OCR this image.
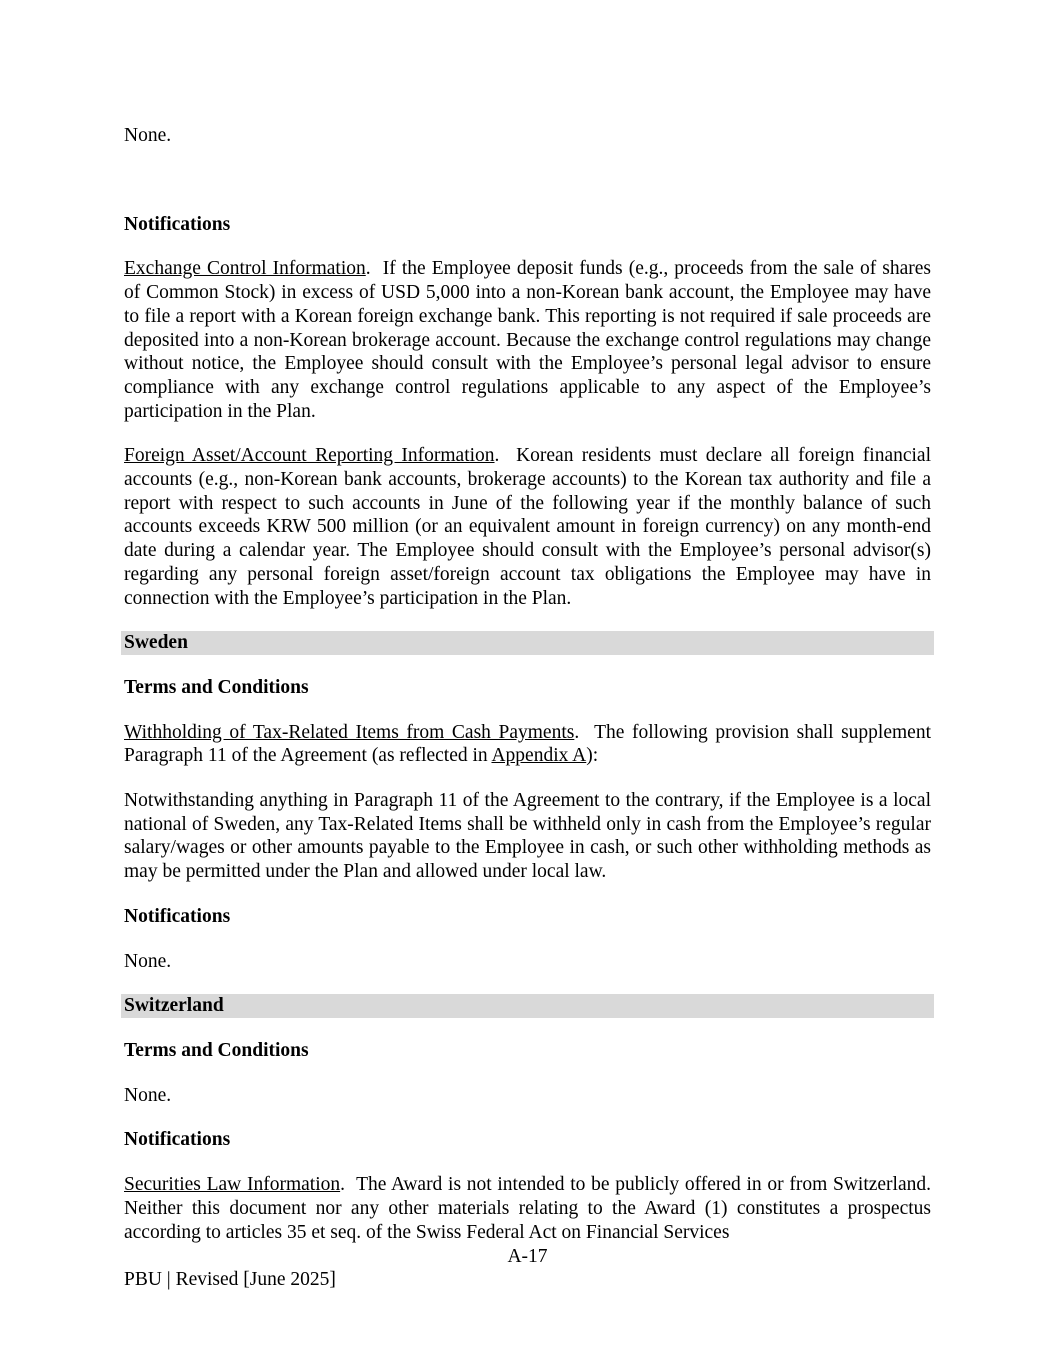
None.

Notifications

Exchange Control Information. If the Employee deposit funds (e.g., proceeds from the sale of shares of Common Stock) in excess of USD 5,000 into a non-Korean bank account, the Employee may have to file a report with a Korean foreign exchange bank. This reporting is not required if sale proceeds are deposited into a non-Korean brokerage account. Because the exchange control regulations may change without notice, the Employee should consult with the Employee’s personal legal advisor to ensure compliance with any exchange control regulations applicable to any aspect of the Employee’s participation in the Plan.

Foreign Asset/Account Reporting Information. Korean residents must declare all foreign financial accounts (e.g., non-Korean bank accounts, brokerage accounts) to the Korean tax authority and file a report with respect to such accounts in June of the following year if the monthly balance of such accounts exceeds KRW 500 million (or an equivalent amount in foreign currency) on any month-end date during a calendar year. The Employee should consult with the Employee’s personal advisor(s) regarding any personal foreign asset/foreign account tax obligations the Employee may have in connection with the Employee’s participation in the Plan.

Sweden

Terms and Conditions

Withholding of Tax-Related Items from Cash Payments. The following provision shall supplement Paragraph 11 of the Agreement (as reflected in Appendix A):

Notwithstanding anything in Paragraph 11 of the Agreement to the contrary, if the Employee is a local national of Sweden, any Tax-Related Items shall be withheld only in cash from the Employee’s regular salary/wages or other amounts payable to the Employee in cash, or such other withholding methods as may be permitted under the Plan and allowed under local law.

Notifications

None.

Switzerland

Terms and Conditions

None.

Notifications

Securities Law Information. The Award is not intended to be publicly offered in or from Switzerland. Neither this document nor any other materials relating to the Award (1) constitutes a prospectus according to articles 35 et seq. of the Swiss Federal Act on Financial Services

A-17
PBU | Revised [June 2025]
